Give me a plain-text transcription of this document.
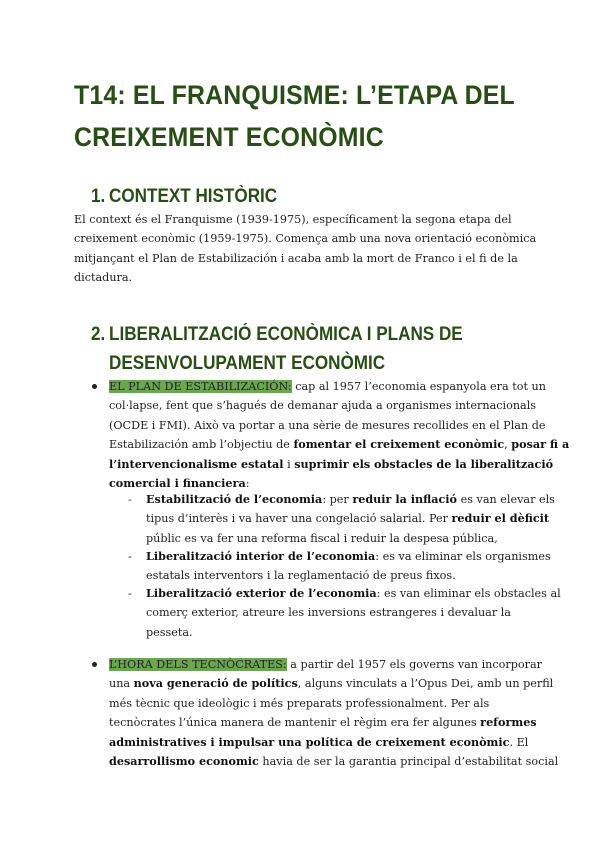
T14: EL FRANQUISME: L’ETAPA DEL
CREIXEMENT ECONÒMIC
1. CONTEXT HISTÒRIC
El context és el Franquisme (1939-1975), específicament la segona etapa del
creixement econòmic (1959-1975). Comença amb una nova orientació econòmica
mitjançant el Plan de Estabilización i acaba amb la mort de Franco i el fi de la
dictadura.
2. LIBERALITZACIÓ ECONÒMICA I PLANS DE
DESENVOLUPAMENT ECONÒMIC
EL PLAN DE ESTABILIZACIÓN: cap al 1957 l’economia espanyola era tot un
col·lapse, fent que s’hagués de demanar ajuda a organismes internacionals
(OCDE i FMI). Això va portar a una sèrie de mesures recollides en el Plan de
Estabilización amb l’objectiu de fomentar el creixement econòmic, posar fi a
l’intervencionalisme estatal i suprimir els obstacles de la liberalització
comercial i financiera:
- Estabilització de l’economia: per reduir la inflació es van elevar els
tipus d’interès i va haver una congelació salarial. Per reduir el dèficit
públic es va fer una reforma fiscal i reduir la despesa pública,
- Liberalització interior de l’economia: es va eliminar els organismes
estatals interventors i la reglamentació de preus fixos.
- Liberalització exterior de l’economia: es van eliminar els obstacles al
comerç exterior, atreure les inversions estrangeres i devaluar la
pesseta.
L’HORA DELS TECNÒCRATES: a partir del 1957 els governs van incorporar
una nova generació de polítics, alguns vinculats a l’Opus Dei, amb un perfil
més tècnic que ideològic i més preparats professionalment. Per als
tecnòcrates l’única manera de mantenir el règim era fer algunes reformes
administratives i impulsar una política de creixement econòmic. El
desarrollismo economic havia de ser la garantia principal d’estabilitat social
